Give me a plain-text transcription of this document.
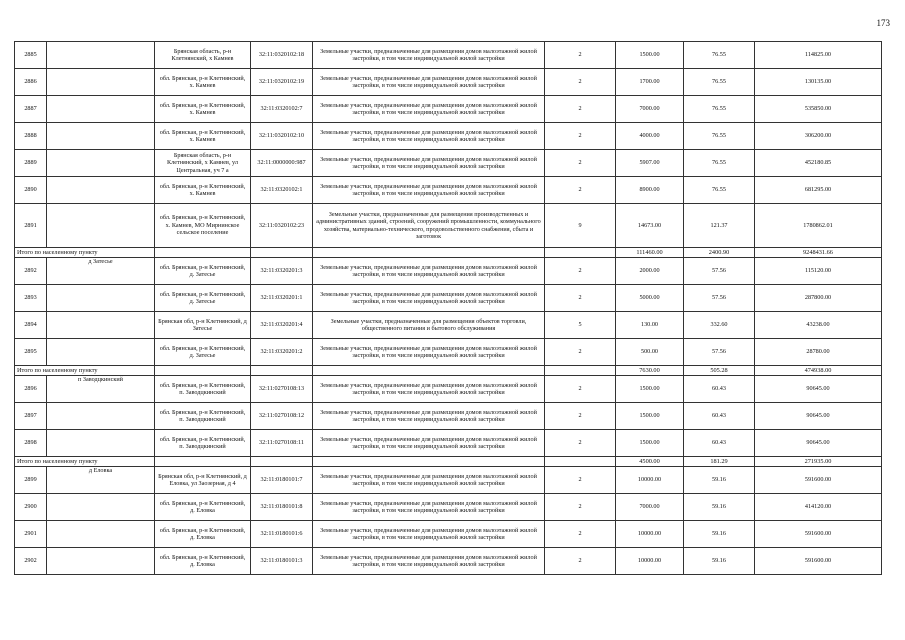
173
2885		Брянская область, р-н Клетнянский, х Камнев	32:11:0320102:18	Земельные участки, предназначенные для размещения домов малоэтажной жилой застройки, в том числе индивидуальной жилой застройки	2	1500.00	76.55	114825.00
2886		обл. Брянская, р-н Клетнянский, х. Камнев	32:11:0320102:19	Земельные участки, предназначенные для размещения домов малоэтажной жилой застройки, в том числе индивидуальной жилой застройки	2	1700.00	76.55	130135.00
2887		обл. Брянская, р-н Клетнянский, х. Камнев	32:11:0320102:7	Земельные участки, предназначенные для размещения домов малоэтажной жилой застройки, в том числе индивидуальной жилой застройки	2	7000.00	76.55	535850.00
2888		обл. Брянская, р-н Клетнянский, х. Камнев	32:11:0320102:10	Земельные участки, предназначенные для размещения домов малоэтажной жилой застройки, в том числе индивидуальной жилой застройки	2	4000.00	76.55	306200.00
2889		Брянская область, р-н Клетнянский, х Камнев, ул Центральная, уч 7 а	32:11:0000000:987	Земельные участки, предназначенные для размещения домов малоэтажной жилой застройки, в том числе индивидуальной жилой застройки	2	5907.00	76.55	452180.85
2890		обл. Брянская, р-н Клетнянский, х. Камнев	32:11:0320102:1	Земельные участки, предназначенные для размещения домов малоэтажной жилой застройки, в том числе индивидуальной жилой застройки	2	8900.00	76.55	681295.00
2891		обл. Брянская, р-н Клетнянский, х. Камнев, МО Мирнинское сельское поселение	32:11:0320102:23	Земельные участки, предназначенные для размещения производственных и административных зданий, строений, сооружений промышленности, коммунального хозяйства, материально-технического, продовольственного снабжения, сбыта и заготовок	9	14673.00	121.37	1780862.01
Итого по населенному пункту						111460.00	2400.90	9248431.66
2892	д Затесье	обл. Брянская, р-н Клетнянский, д. Затесье	32:11:0320201:3	Земельные участки, предназначенные для размещения домов малоэтажной жилой застройки, в том числе индивидуальной жилой застройки	2	2000.00	57.56	115120.00
2893		обл. Брянская, р-н Клетнянский, д. Затесье	32:11:0320201:1	Земельные участки, предназначенные для размещения домов малоэтажной жилой застройки, в том числе индивидуальной жилой застройки	2	5000.00	57.56	287800.00
2894		Брянская обл, р-н Клетнянский, д Затесье	32:11:0320201:4	Земельные участки, предназначенные для размещения объектов торговли, общественного питания и бытового обслуживания	5	130.00	332.60	43238.00
2895		обл. Брянская, р-н Клетнянский, д. Затесье	32:11:0320201:2	Земельные участки, предназначенные для размещения домов малоэтажной жилой застройки, в том числе индивидуальной жилой застройки	2	500.00	57.56	28780.00
Итого по населенному пункту						7630.00	505.28	474938.00
2896	п Заводцкинский	обл. Брянская, р-н Клетнянский, п. Заводцкинский	32:11:0270108:13	Земельные участки, предназначенные для размещения домов малоэтажной жилой застройки, в том числе индивидуальной жилой застройки	2	1500.00	60.43	90645.00
2897		обл. Брянская, р-н Клетнянский, п. Заводцкинский	32:11:0270108:12	Земельные участки, предназначенные для размещения домов малоэтажной жилой застройки, в том числе индивидуальной жилой застройки	2	1500.00	60.43	90645.00
2898		обл. Брянская, р-н Клетнянский, п. Заводцкинский	32:11:0270108:11	Земельные участки, предназначенные для размещения домов малоэтажной жилой застройки, в том числе индивидуальной жилой застройки	2	1500.00	60.43	90645.00
Итого по населенному пункту						4500.00	181.29	271935.00
2899	д Еловка	Брянская обл, р-н Клетнянский, д Еловка, ул Заозерная, д 4	32:11:0180101:7	Земельные участки, предназначенные для размещения домов малоэтажной жилой застройки, в том числе индивидуальной жилой застройки	2	10000.00	59.16	591600.00
2900		обл. Брянская, р-н Клетнянский, д. Еловка	32:11:0180101:8	Земельные участки, предназначенные для размещения домов малоэтажной жилой застройки, в том числе индивидуальной жилой застройки	2	7000.00	59.16	414120.00
2901		обл. Брянская, р-н Клетнянский, д. Еловка	32:11:0180101:6	Земельные участки, предназначенные для размещения домов малоэтажной жилой застройки, в том числе индивидуальной жилой застройки	2	10000.00	59.16	591600.00
2902		обл. Брянская, р-н Клетнянский, д. Еловка	32:11:0180101:3	Земельные участки, предназначенные для размещения домов малоэтажной жилой застройки, в том числе индивидуальной жилой застройки	2	10000.00	59.16	591600.00
